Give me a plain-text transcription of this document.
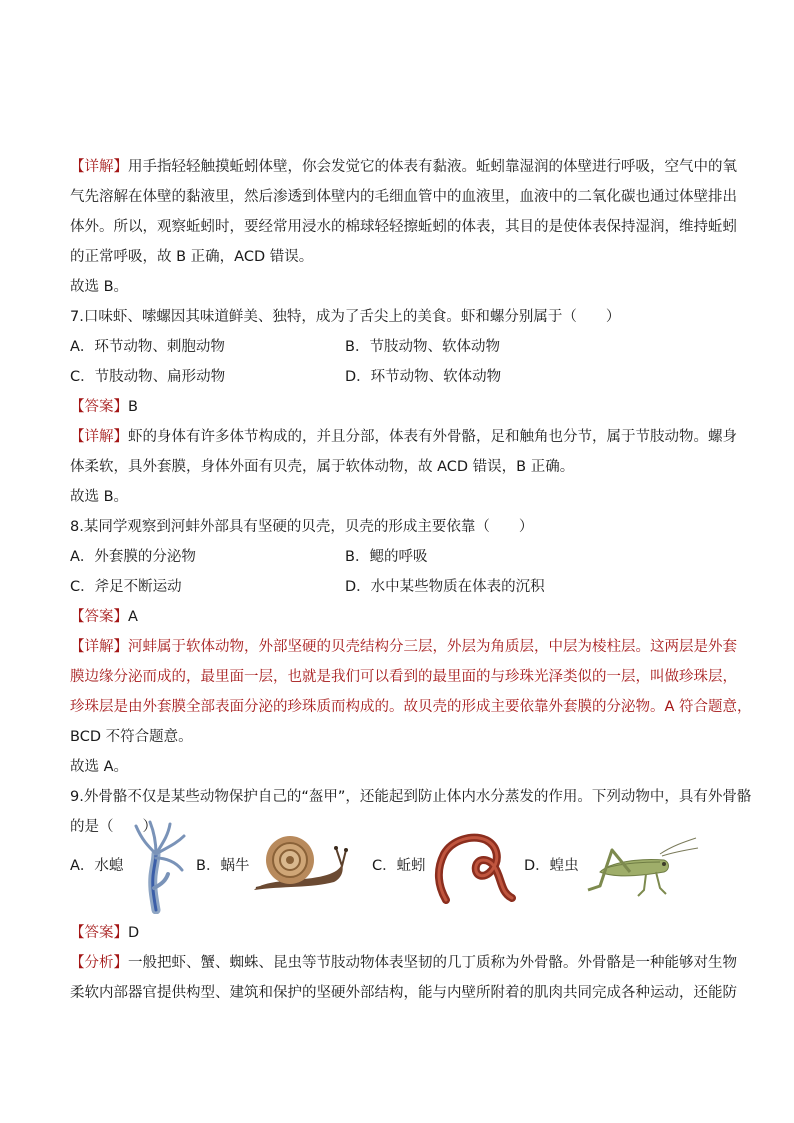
【详解】用手指轻轻触摸蚯蚓体壁，你会发觉它的体表有黏液。蚯蚓靠湿润的体壁进行呼吸，空气中的氧
气先溶解在体壁的黏液里，然后渗透到体壁内的毛细血管中的血液里，血液中的二氧化碳也通过体壁排出
体外。所以，观察蚯蚓时，要经常用浸水的棉球轻轻擦蚯蚓的体表，其目的是使体表保持湿润，维持蚯蚓
的正常呼吸，故 B 正确，ACD 错误。
故选 B。
7.口味虾、嗦螺因其味道鲜美、独特，成为了舌尖上的美食。虾和螺分别属于（　　）
A．环节动物、刺胞动物	B．节肢动物、软体动物
C．节肢动物、扁形动物	D．环节动物、软体动物
【答案】B
【详解】虾的身体有许多体节构成的，并且分部，体表有外骨骼，足和触角也分节，属于节肢动物。螺身
体柔软，具外套膜，身体外面有贝壳，属于软体动物，故 ACD 错误，B 正确。
故选 B。
8.某同学观察到河蚌外部具有坚硬的贝壳，贝壳的形成主要依靠（　　）
A．外套膜的分泌物	B．鳃的呼吸
C．斧足不断运动	D．水中某些物质在体表的沉积
【答案】A
【详解】河蚌属于软体动物，外部坚硬的贝壳结构分三层，外层为角质层，中层为棱柱层。这两层是外套
膜边缘分泌而成的，最里面一层，也就是我们可以看到的最里面的与珍珠光泽类似的一层，叫做珍珠层，
珍珠层是由外套膜全部表面分泌的珍珠质而构成的。故贝壳的形成主要依靠外套膜的分泌物。A 符合题意，
BCD 不符合题意。
故选 A。
9.外骨骼不仅是某些动物保护自己的“盔甲”，还能起到防止体内水分蒸发的作用。下列动物中，具有外骨骼
的是（　　）
A．水螅	B．蜗牛	C．蚯蚓	D．蝗虫
【答案】D
【分析】一般把虾、蟹、蜘蛛、昆虫等节肢动物体表坚韧的几丁质称为外骨骼。外骨骼是一种能够对生物
柔软内部器官提供构型、建筑和保护的坚硬外部结构，能与内壁所附着的肌肉共同完成各种运动，还能防
